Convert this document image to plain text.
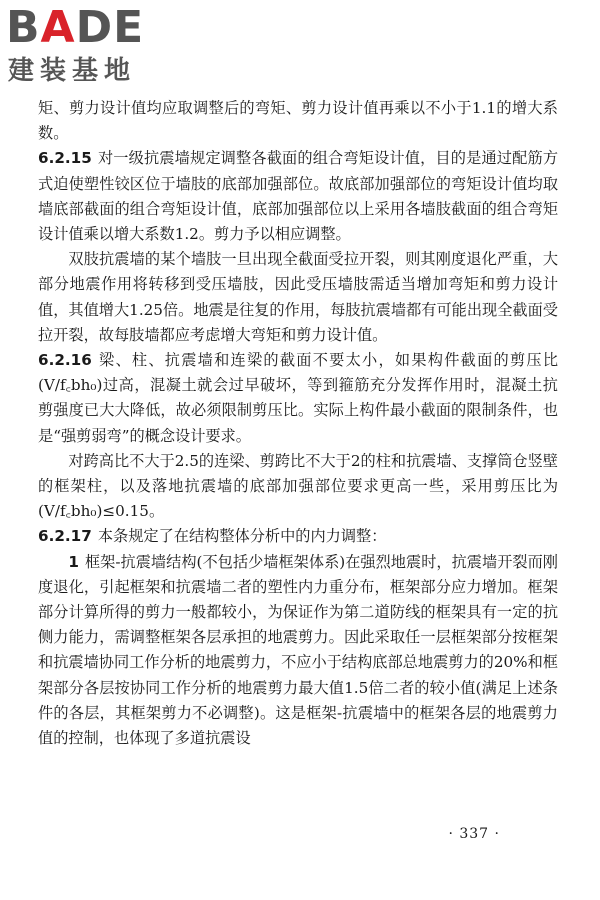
BADE
建装基地

矩、剪力设计值均应取调整后的弯矩、剪力设计值再乘以不小于1.1的增大系数。

6.2.15 对一级抗震墙规定调整各截面的组合弯矩设计值，目的是通过配筋方式迫使塑性铰区位于墙肢的底部加强部位。故底部加强部位的弯矩设计值均取墙底部截面的组合弯矩设计值，底部加强部位以上采用各墙肢截面的组合弯矩设计值乘以增大系数1.2。剪力予以相应调整。

双肢抗震墙的某个墙肢一旦出现全截面受拉开裂，则其刚度退化严重，大部分地震作用将转移到受压墙肢，因此受压墙肢需适当增加弯矩和剪力设计值，其值增大1.25倍。地震是往复的作用，每肢抗震墙都有可能出现全截面受拉开裂，故每肢墙都应考虑增大弯矩和剪力设计值。

6.2.16 梁、柱、抗震墙和连梁的截面不要太小，如果构件截面的剪压比(V/f꜀bh₀)过高，混凝土就会过早破坏，等到箍筋充分发挥作用时，混凝土抗剪强度已大大降低，故必须限制剪压比。实际上构件最小截面的限制条件，也是“强剪弱弯”的概念设计要求。

对跨高比不大于2.5的连梁、剪跨比不大于2的柱和抗震墙、支撑筒仓竖壁的框架柱，以及落地抗震墙的底部加强部位要求更高一些，采用剪压比为(V/f꜀bh₀)≤0.15。

6.2.17 本条规定了在结构整体分析中的内力调整：

1 框架-抗震墙结构(不包括少墙框架体系)在强烈地震时，抗震墙开裂而刚度退化，引起框架和抗震墙二者的塑性内力重分布，框架部分应力增加。框架部分计算所得的剪力一般都较小，为保证作为第二道防线的框架具有一定的抗侧力能力，需调整框架各层承担的地震剪力。因此采取任一层框架部分按框架和抗震墙协同工作分析的地震剪力，不应小于结构底部总地震剪力的20%和框架部分各层按协同工作分析的地震剪力最大值1.5倍二者的较小值(满足上述条件的各层，其框架剪力不必调整)。这是框架-抗震墙中的框架各层的地震剪力值的控制，也体现了多道抗震设

· 337 ·
